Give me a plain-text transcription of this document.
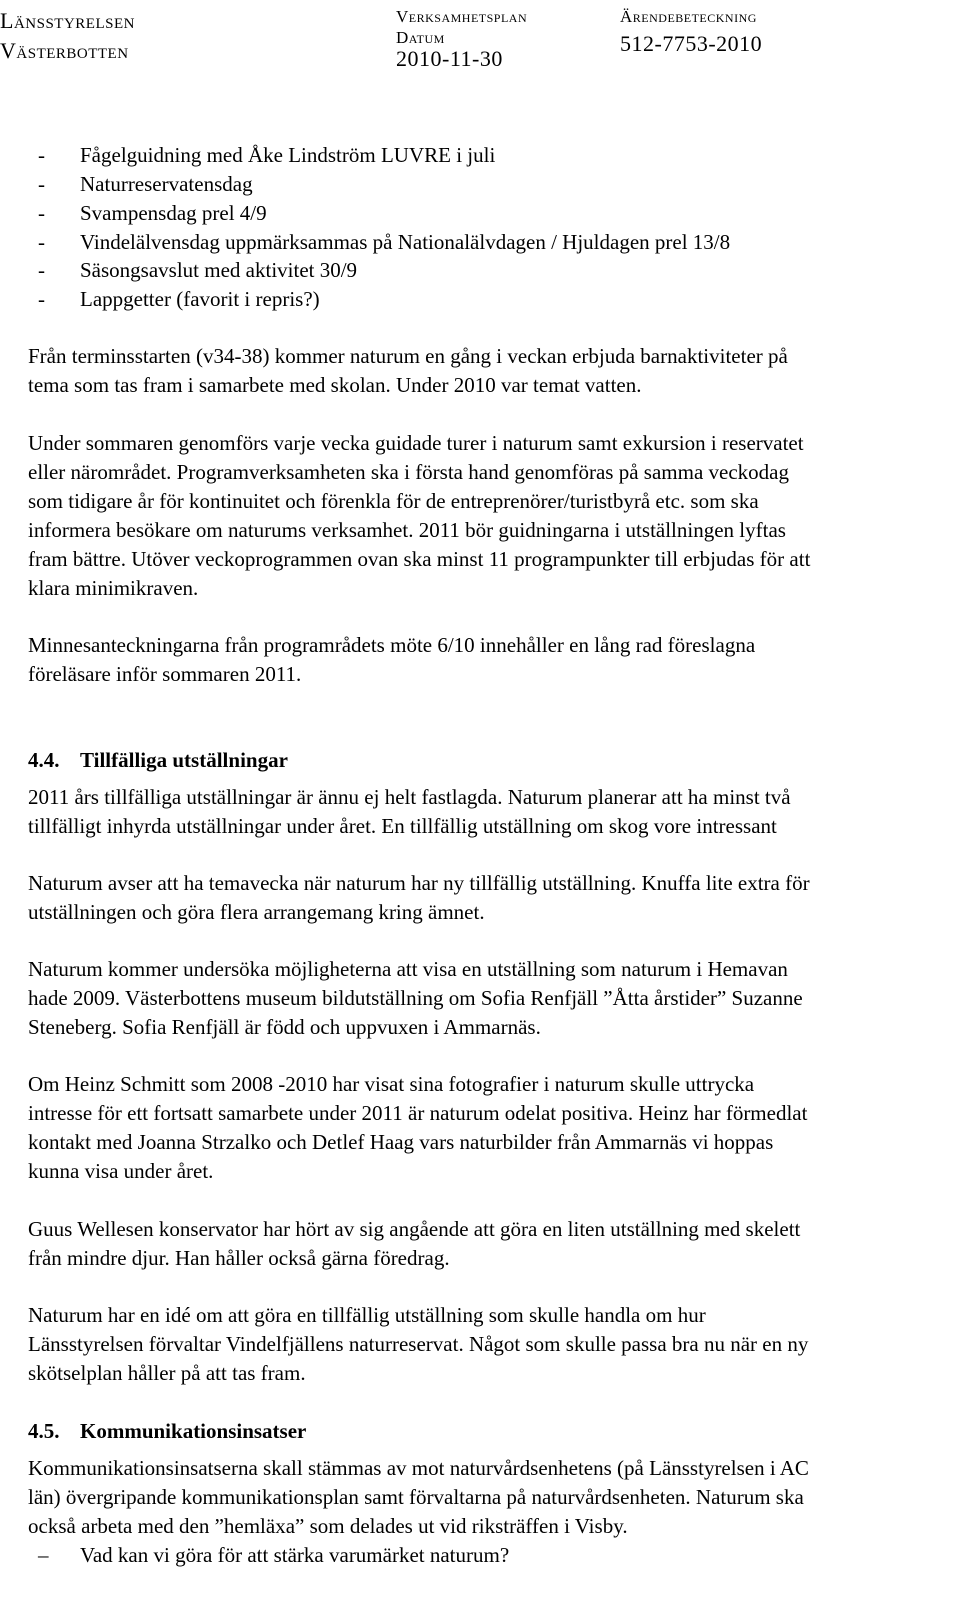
Länsstyrelsen
Västerbotten
Verksamhetsplan
Datum
2010-11-30
Ärendebeteckning
512-7753-2010
- Fågelguidning med Åke Lindström LUVRE i juli
- Naturreservatensdag
- Svampensdag prel 4/9
- Vindelälvensdag uppmärksammas på Nationalälvdagen / Hjuldagen prel 13/8
- Säsongsavslut med aktivitet 30/9
- Lappgetter (favorit i repris?)

Från terminsstarten (v34-38) kommer naturum en gång i veckan erbjuda barnaktiviteter på

tema som tas fram i samarbete med skolan. Under 2010 var temat vatten.

Under sommaren genomförs varje vecka guidade turer i naturum samt exkursion i reservatet

eller närområdet. Programverksamheten ska i första hand genomföras på samma veckodag

som tidigare år för kontinuitet och förenkla för de entreprenörer/turistbyrå etc. som ska

informera besökare om naturums verksamhet. 2011 bör guidningarna i utställningen lyftas

fram bättre. Utöver veckoprogrammen ovan ska minst 11 programpunkter till erbjudas för att

klara minimikraven.

Minnesanteckningarna från programrådets möte 6/10 innehåller en lång rad föreslagna

föreläsare inför sommaren 2011.

4.4. Tillfälliga utställningar

2011 års tillfälliga utställningar är ännu ej helt fastlagda. Naturum planerar att ha minst två

tillfälligt inhyrda utställningar under året. En tillfällig utställning om skog vore intressant

Naturum avser att ha temavecka när naturum har ny tillfällig utställning. Knuffa lite extra för

utställningen och göra flera arrangemang kring ämnet.

Naturum kommer undersöka möjligheterna att visa en utställning som naturum i Hemavan

hade 2009. Västerbottens museum bildutställning om Sofia Renfjäll ”Åtta årstider” Suzanne

Steneberg. Sofia Renfjäll är född och uppvuxen i Ammarnäs.

Om Heinz Schmitt som 2008 -2010 har visat sina fotografier i naturum skulle uttrycka

intresse för ett fortsatt samarbete under 2011 är naturum odelat positiva. Heinz har förmedlat

kontakt med Joanna Strzalko och Detlef Haag vars naturbilder från Ammarnäs vi hoppas

kunna visa under året.

Guus Wellesen konservator har hört av sig angående att göra en liten utställning med skelett

från mindre djur. Han håller också gärna föredrag.

Naturum har en idé om att göra en tillfällig utställning som skulle handla om hur

Länsstyrelsen förvaltar Vindelfjällens naturreservat. Något som skulle passa bra nu när en ny

skötselplan håller på att tas fram.

4.5. Kommunikationsinsatser

Kommunikationsinsatserna skall stämmas av mot naturvårdsenhetens (på Länsstyrelsen i AC

län) övergripande kommunikationsplan samt förvaltarna på naturvårdsenheten. Naturum ska

också arbeta med den ”hemläxa” som delades ut vid riksträffen i Visby.

– Vad kan vi göra för att stärka varumärket naturum?
